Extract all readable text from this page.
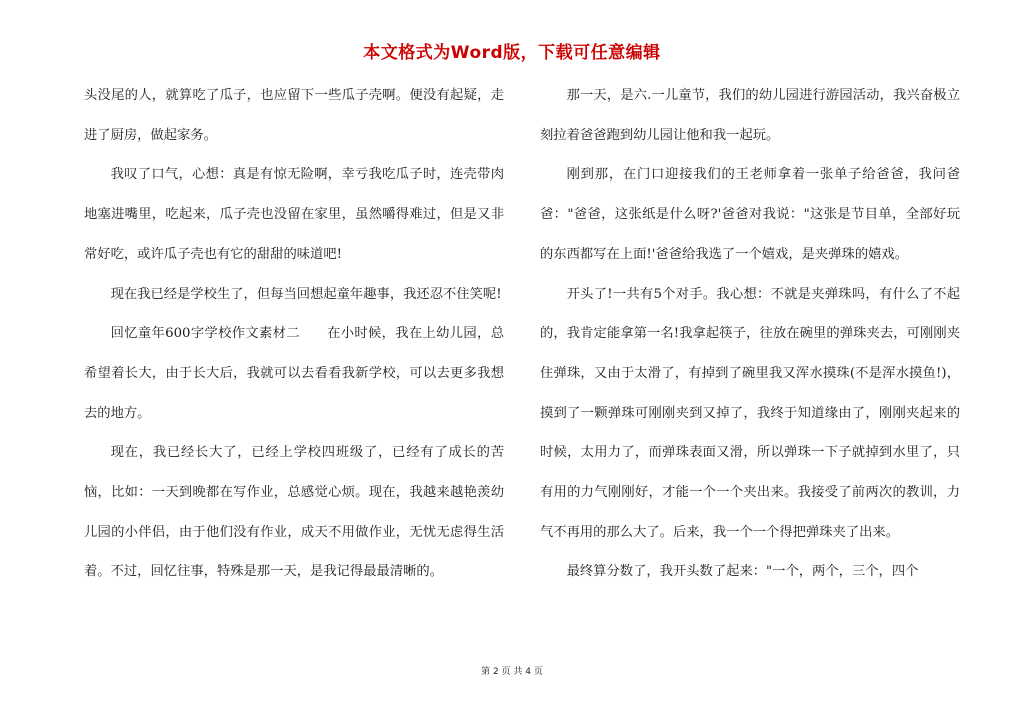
本文格式为Word版，下载可任意编辑

头没尾的人，就算吃了瓜子，也应留下一些瓜子壳啊。便没有起疑，走进了厨房，做起家务。

我叹了口气，心想：真是有惊无险啊，幸亏我吃瓜子时，连壳带肉地塞进嘴里，吃起来，瓜子壳也没留在家里，虽然嚼得难过，但是又非常好吃，或许瓜子壳也有它的甜甜的味道吧!

现在我已经是学校生了，但每当回想起童年趣事，我还忍不住笑呢!

回忆童年600字学校作文素材二　　在小时候，我在上幼儿园，总希望着长大，由于长大后，我就可以去看看我新学校，可以去更多我想去的地方。

现在，我已经长大了，已经上学校四班级了，已经有了成长的苦恼，比如：一天到晚都在写作业，总感觉心烦。现在，我越来越艳羡幼儿园的小伴侣，由于他们没有作业，成天不用做作业，无忧无虑得生活着。不过，回忆往事，特殊是那一天，是我记得最最清晰的。

那一天，是六.一儿童节，我们的幼儿园进行游园活动，我兴奋极立刻拉着爸爸跑到幼儿园让他和我一起玩。

刚到那，在门口迎接我们的王老师拿着一张单子给爸爸，我问爸爸："爸爸，这张纸是什么呀?'爸爸对我说："这张是节目单，全部好玩的东西都写在上面!'爸爸给我选了一个嬉戏，是夹弹珠的嬉戏。

开头了!一共有5个对手。我心想：不就是夹弹珠吗，有什么了不起的，我肯定能拿第一名!我拿起筷子，往放在碗里的弹珠夹去，可刚刚夹住弹珠，又由于太滑了，有掉到了碗里我又浑水摸珠(不是浑水摸鱼!)，摸到了一颗弹珠可刚刚夹到又掉了，我终于知道缘由了，刚刚夹起来的时候，太用力了，而弹珠表面又滑，所以弹珠一下子就掉到水里了，只有用的力气刚刚好，才能一个一个夹出来。我接受了前两次的教训，力气不再用的那么大了。后来，我一个一个得把弹珠夹了出来。

最终算分数了，我开头数了起来："一个，两个，三个，四个

第 2 页 共 4 页
